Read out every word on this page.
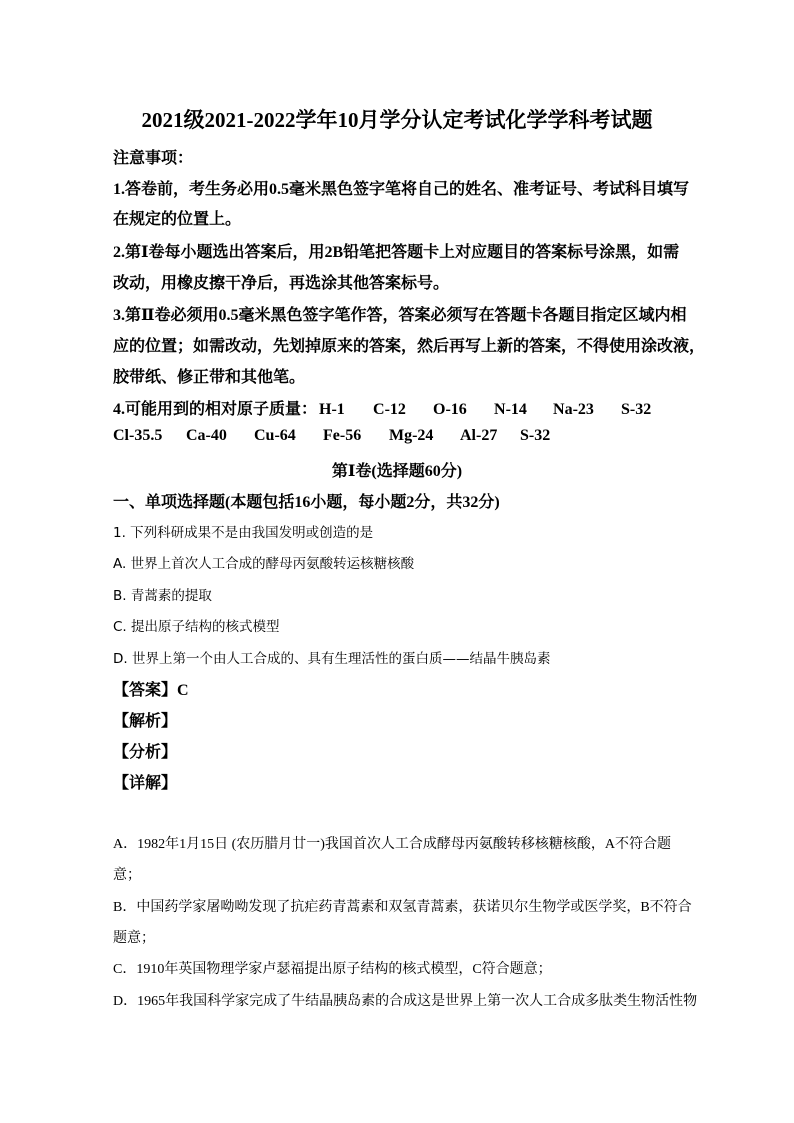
2021级2021-2022学年10月学分认定考试化学学科考试题
注意事项：
1.答卷前，考生务必用0.5毫米黑色签字笔将自己的姓名、准考证号、考试科目填写
在规定的位置上。
2.第Ⅰ卷每小题选出答案后，用2B铅笔把答题卡上对应题目的答案标号涂黑，如需
改动，用橡皮擦干净后，再选涂其他答案标号。
3.第Ⅱ卷必须用0.5毫米黑色签字笔作答，答案必须写在答题卡各题目指定区域内相
应的位置；如需改动，先划掉原来的答案，然后再写上新的答案，不得使用涂改液，
胶带纸、修正带和其他笔。
4.可能用到的相对原子质量： H-1 C-12 O-16 N-14 Na-23 S-32
Cl-35.5 Ca-40 Cu-64 Fe-56 Mg-24 Al-27 S-32
第Ⅰ卷(选择题60分)
一、单项选择题(本题包括16小题，每小题2分，共32分)
1. 下列科研成果不是由我国发明或创造的是
A. 世界上首次人工合成的酵母丙氨酸转运核糖核酸
B. 青蒿素的提取
C. 提出原子结构的核式模型
D. 世界上第一个由人工合成的、具有生理活性的蛋白质——结晶牛胰岛素
【答案】C
【解析】
【分析】
【详解】
A．1982年1月15日 (农历腊月廿一)我国首次人工合成酵母丙氨酸转移核糖核酸，A不符合题
意；
B．中国药学家屠呦呦发现了抗疟药青蒿素和双氢青蒿素，获诺贝尔生物学或医学奖，B不符合
题意；
C．1910年英国物理学家卢瑟福提出原子结构的核式模型，C符合题意；
D．1965年我国科学家完成了牛结晶胰岛素的合成这是世界上第一次人工合成多肽类生物活性物
